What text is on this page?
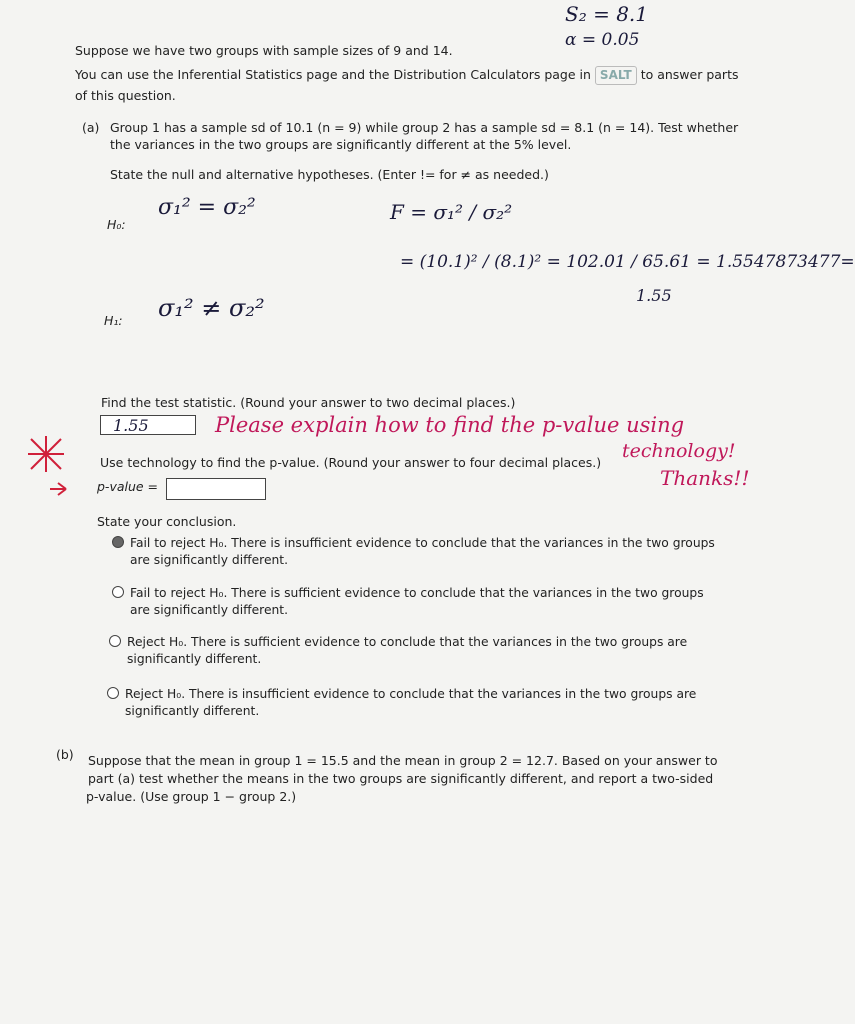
S₂ = 8.1
α = 0.05
Suppose we have two groups with sample sizes of 9 and 14.
You can use the Inferential Statistics page and the Distribution Calculators page in SALT to answer parts
of this question.
(a) Group 1 has a sample sd of 10.1 (n = 9) while group 2 has a sample sd = 8.1 (n = 14). Test whether
the variances in the two groups are significantly different at the 5% level.
State the null and alternative hypotheses. (Enter != for ≠ as needed.)
H₀:
σ₁² = σ₂²	F = σ₁² / σ₂²
= (10.1)² / (8.1)² = 102.01 / 65.61 = 1.5547873477=
1.55
H₁: σ₁² ≠ σ₂²
Find the test statistic. (Round your answer to two decimal places.)
1.55	Please explain how to find the p-value using
technology!
Thanks!!
Use technology to find the p-value. (Round your answer to four decimal places.)
p-value =
State your conclusion.
Fail to reject H₀. There is insufficient evidence to conclude that the variances in the two groups
are significantly different.
Fail to reject H₀. There is sufficient evidence to conclude that the variances in the two groups
are significantly different.
Reject H₀. There is sufficient evidence to conclude that the variances in the two groups are
significantly different.
Reject H₀. There is insufficient evidence to conclude that the variances in the two groups are
significantly different.
(b) Suppose that the mean in group 1 = 15.5 and the mean in group 2 = 12.7. Based on your answer to
part (a) test whether the means in the two groups are significantly different, and report a two-sided
p-value. (Use group 1 − group 2.)
